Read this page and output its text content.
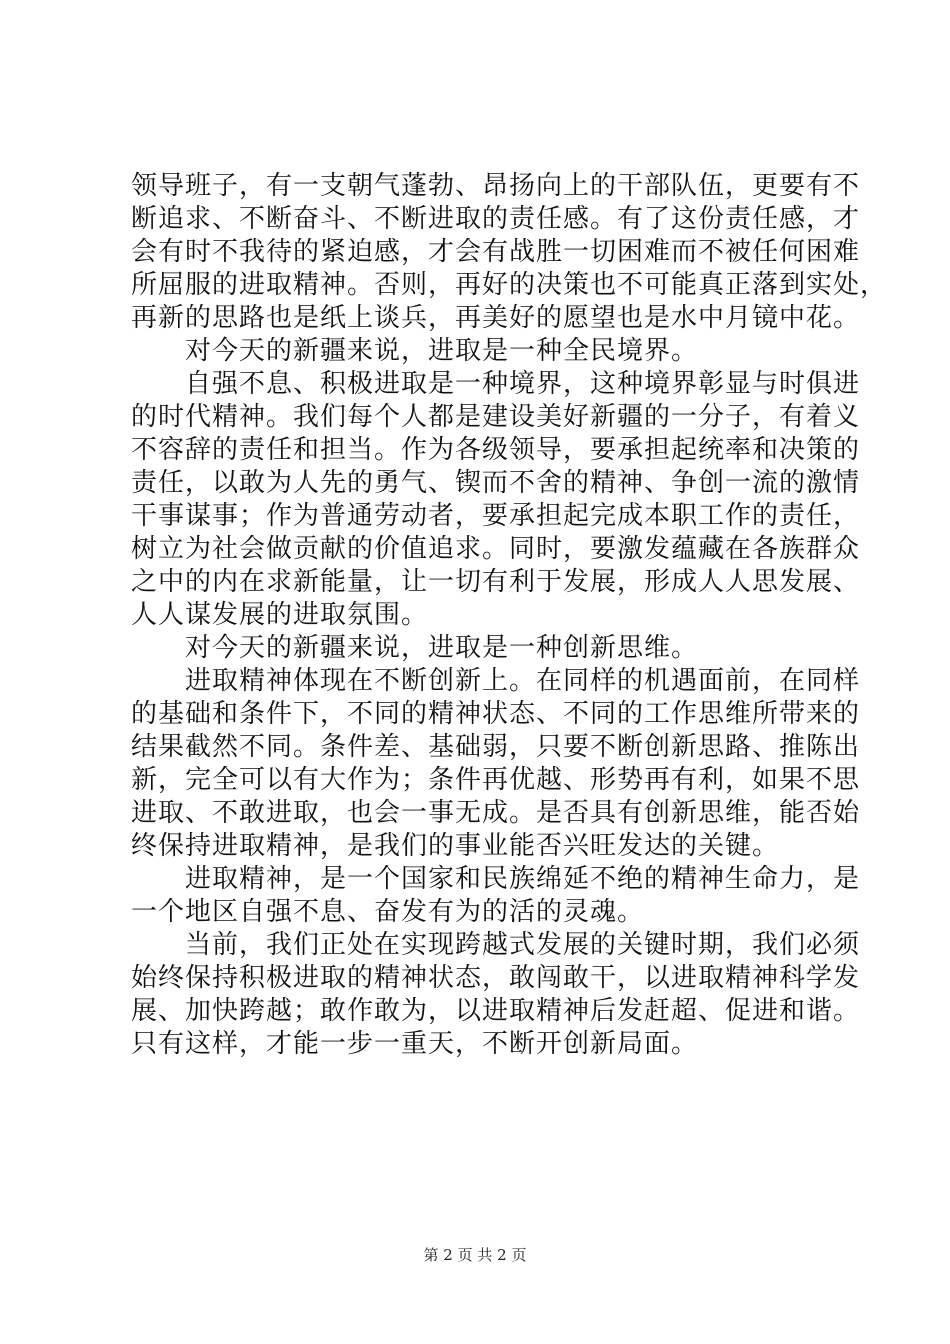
领导班子，有一支朝气蓬勃、昂扬向上的干部队伍，更要有不
断追求、不断奋斗、不断进取的责任感。有了这份责任感，才
会有时不我待的紧迫感，才会有战胜一切困难而不被任何困难
所屈服的进取精神。否则，再好的决策也不可能真正落到实处，
再新的思路也是纸上谈兵，再美好的愿望也是水中月镜中花。
对今天的新疆来说，进取是一种全民境界。
自强不息、积极进取是一种境界，这种境界彰显与时俱进
的时代精神。我们每个人都是建设美好新疆的一分子，有着义
不容辞的责任和担当。作为各级领导，要承担起统率和决策的
责任，以敢为人先的勇气、锲而不舍的精神、争创一流的激情
干事谋事；作为普通劳动者，要承担起完成本职工作的责任，
树立为社会做贡献的价值追求。同时，要激发蕴藏在各族群众
之中的内在求新能量，让一切有利于发展，形成人人思发展、
人人谋发展的进取氛围。
对今天的新疆来说，进取是一种创新思维。
进取精神体现在不断创新上。在同样的机遇面前，在同样
的基础和条件下，不同的精神状态、不同的工作思维所带来的
结果截然不同。条件差、基础弱，只要不断创新思路、推陈出
新，完全可以有大作为；条件再优越、形势再有利，如果不思
进取、不敢进取，也会一事无成。是否具有创新思维，能否始
终保持进取精神，是我们的事业能否兴旺发达的关键。
进取精神，是一个国家和民族绵延不绝的精神生命力，是
一个地区自强不息、奋发有为的活的灵魂。
当前，我们正处在实现跨越式发展的关键时期，我们必须
始终保持积极进取的精神状态，敢闯敢干，以进取精神科学发
展、加快跨越；敢作敢为，以进取精神后发赶超、促进和谐。
只有这样，才能一步一重天，不断开创新局面。
第 2 页 共 2 页
